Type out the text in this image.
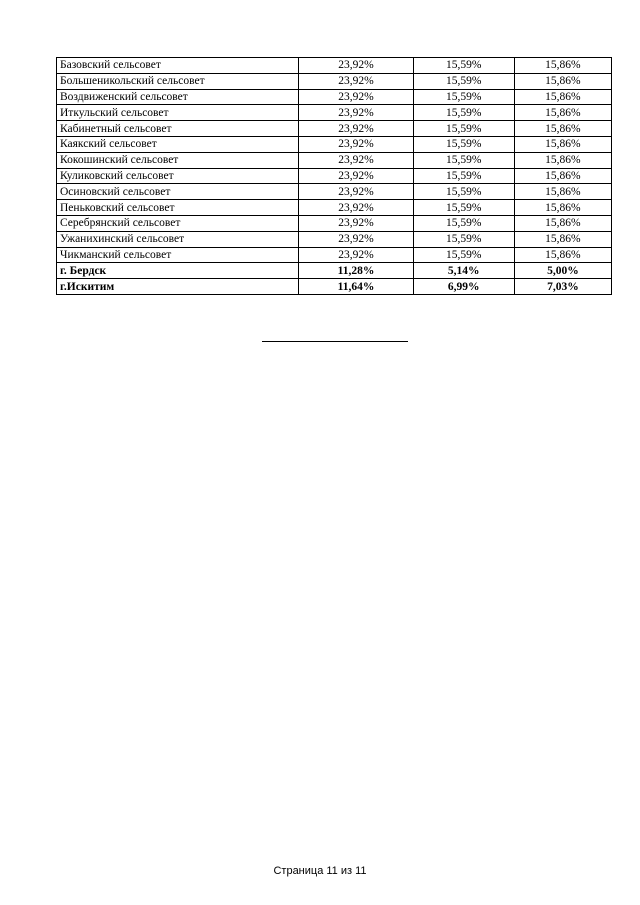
Базовский сельсовет	23,92%	15,59%	15,86%
Большеникольский сельсовет	23,92%	15,59%	15,86%
Воздвиженский сельсовет	23,92%	15,59%	15,86%
Иткульский сельсовет	23,92%	15,59%	15,86%
Кабинетный сельсовет	23,92%	15,59%	15,86%
Каякский сельсовет	23,92%	15,59%	15,86%
Кокошинский сельсовет	23,92%	15,59%	15,86%
Куликовский сельсовет	23,92%	15,59%	15,86%
Осиновский сельсовет	23,92%	15,59%	15,86%
Пеньковский сельсовет	23,92%	15,59%	15,86%
Серебрянский сельсовет	23,92%	15,59%	15,86%
Ужанихинский сельсовет	23,92%	15,59%	15,86%
Чикманский сельсовет	23,92%	15,59%	15,86%
г. Бердск	11,28%	5,14%	5,00%
г.Искитим	11,64%	6,99%	7,03%
Страница 11 из 11
